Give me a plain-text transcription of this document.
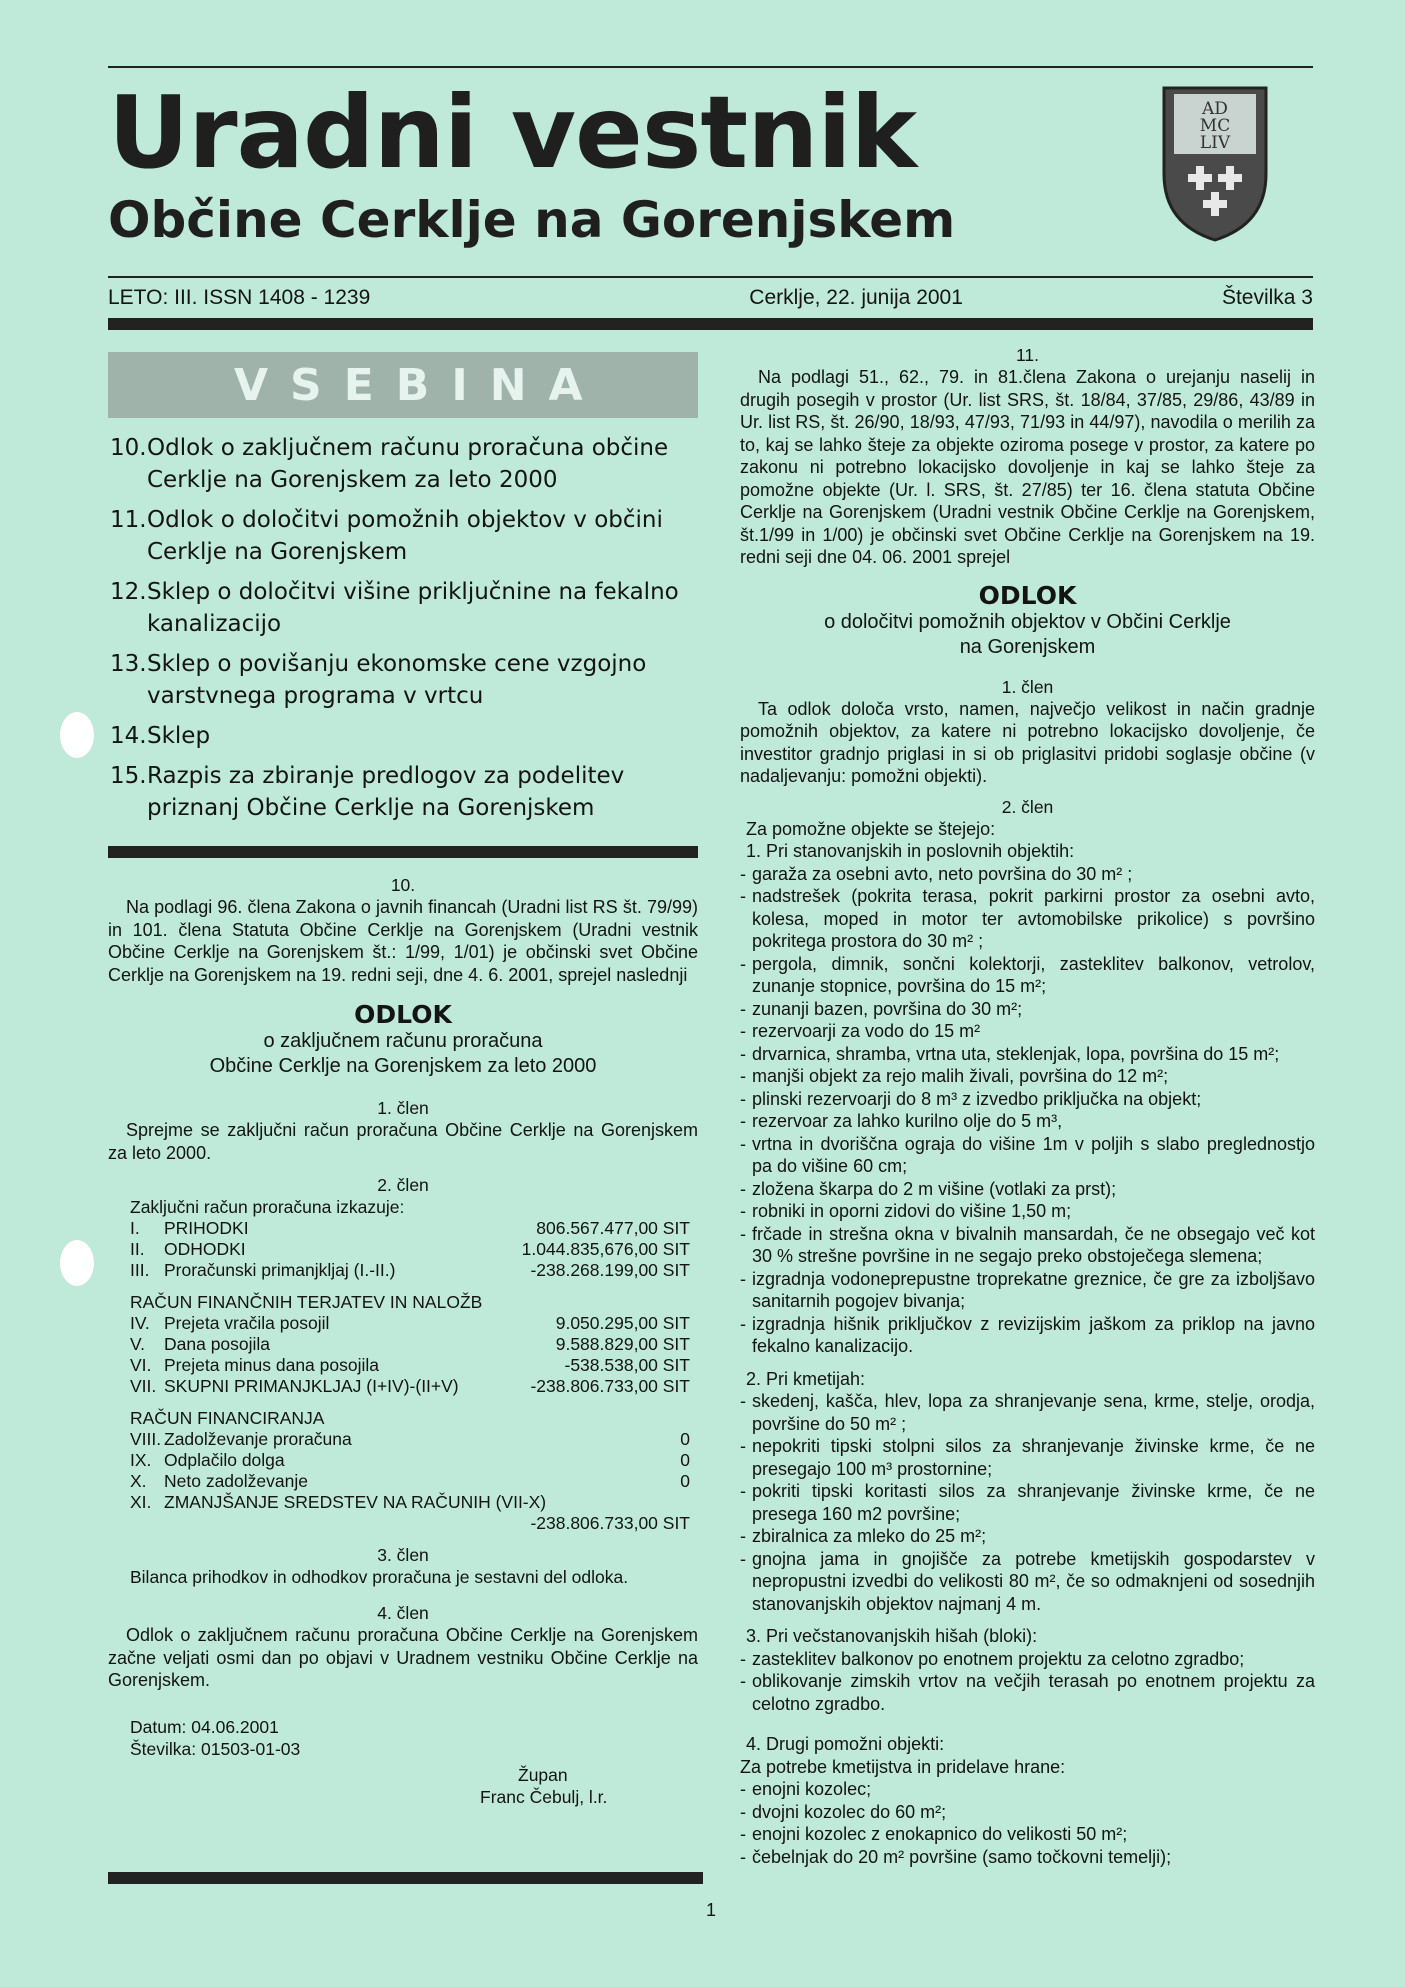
Uradni vestnik
Občine Cerklje na Gorenjskem
AD
MC
LIV
LETO: III. ISSN 1408 - 1239	Cerklje, 22. junija 2001	Številka 3
VSEBINA
10. Odlok o zaključnem računu proračuna občine Cerklje na Gorenjskem za leto 2000
11. Odlok o določitvi pomožnih objektov v občini Cerklje na Gorenjskem
12. Sklep o določitvi višine priključnine na fekalno kanalizacijo
13. Sklep o povišanju ekonomske cene vzgojno varstvnega programa v vrtcu
14. Sklep
15. Razpis za zbiranje predlogov za podelitev priznanj Občine Cerklje na Gorenjskem
10.
Na podlagi 96. člena Zakona o javnih financah (Uradni list RS št. 79/99) in 101. člena Statuta Občine Cerklje na Gorenjskem (Uradni vestnik Občine Cerklje na Gorenjskem št.: 1/99, 1/01) je občinski svet Občine Cerklje na Gorenjskem na 19. redni seji, dne 4. 6. 2001, sprejel naslednji
ODLOK
o zaključnem računu proračuna
Občine Cerklje na Gorenjskem za leto 2000
1. člen
Sprejme se zaključni račun proračuna Občine Cerklje na Gorenjskem za leto 2000.
2. člen
Zaključni račun proračuna izkazuje:
I.	PRIHODKI	806.567.477,00 SIT
II.	ODHODKI	1.044.835,676,00 SIT
III. Proračunski primanjkljaj (I.-II.)	-238.268.199,00 SIT
RAČUN FINANČNIH TERJATEV IN NALOŽB
IV. Prejeta vračila posojil	9.050.295,00 SIT
V.	Dana posojila	9.588.829,00 SIT
VI. Prejeta minus dana posojila	-538.538,00 SIT
VII. SKUPNI PRIMANJKLJAJ (I+IV)-(II+V)	-238.806.733,00 SIT
RAČUN FINANCIRANJA
VIII. Zadolževanje proračuna	0
IX. Odplačilo dolga	0
X. Neto zadolževanje	0
XI. ZMANJŠANJE SREDSTEV NA RAČUNIH (VII-X)
-238.806.733,00 SIT
3. člen
Bilanca prihodkov in odhodkov proračuna je sestavni del odloka.
4. člen
Odlok o zaključnem računu proračuna Občine Cerklje na Gorenjskem začne veljati osmi dan po objavi v Uradnem vestniku Občine Cerklje na Gorenjskem.
Datum: 04.06.2001
Številka: 01503-01-03
Župan
Franc Čebulj, l.r.
11.
Na podlagi 51., 62., 79. in 81.člena Zakona o urejanju naselij in drugih posegih v prostor (Ur. list SRS, št. 18/84, 37/85, 29/86, 43/89 in Ur. list RS, št. 26/90, 18/93, 47/93, 71/93 in 44/97), navodila o merilih za to, kaj se lahko šteje za objekte oziroma posege v prostor, za katere po zakonu ni potrebno lokacijsko dovoljenje in kaj se lahko šteje za pomožne objekte (Ur. l. SRS, št. 27/85) ter 16. člena statuta Občine Cerklje na Gorenjskem (Uradni vestnik Občine Cerklje na Gorenjskem, št.1/99 in 1/00) je občinski svet Občine Cerklje na Gorenjskem na 19. redni seji dne 04. 06. 2001 sprejel
ODLOK
o določitvi pomožnih objektov v Občini Cerklje
na Gorenjskem
1. člen
Ta odlok določa vrsto, namen, največjo velikost in način gradnje pomožnih objektov, za katere ni potrebno lokacijsko dovoljenje, če investitor gradnjo priglasi in si ob priglasitvi pridobi soglasje občine (v nadaljevanju: pomožni objekti).
2. člen
Za pomožne objekte se štejejo:
1. Pri stanovanjskih in poslovnih objektih:
- garaža za osebni avto, neto površina do 30 m² ;
- nadstrešek (pokrita terasa, pokrit parkirni prostor za osebni avto, kolesa, moped in motor ter avtomobilske prikolice) s površino pokritega prostora do 30 m² ;
- pergola, dimnik, sončni kolektorji, zasteklitev balkonov, vetrolov, zunanje stopnice, površina do 15 m²;
- zunanji bazen, površina do 30 m²;
- rezervoarji za vodo do 15 m²
- drvarnica, shramba, vrtna uta, steklenjak, lopa, površina do 15 m²;
- manjši objekt za rejo malih živali, površina do 12 m²;
- plinski rezervoarji do 8 m³ z izvedbo priključka na objekt;
- rezervoar za lahko kurilno olje do 5 m³,
- vrtna in dvoriščna ograja do višine 1m v poljih s slabo preglednostjo pa do višine 60 cm;
- zložena škarpa do 2 m višine (votlaki za prst);
- robniki in oporni zidovi do višine 1,50 m;
- frčade in strešna okna v bivalnih mansardah, če ne obsegajo več kot 30 % strešne površine in ne segajo preko obstoječega slemena;
- izgradnja vodoneprepustne troprekatne greznice, če gre za izboljšavo sanitarnih pogojev bivanja;
- izgradnja hišnik priključkov z revizijskim jaškom za priklop na javno fekalno kanalizacijo.
2. Pri kmetijah:
- skedenj, kašča, hlev, lopa za shranjevanje sena, krme, stelje, orodja, površine do 50 m² ;
- nepokriti tipski stolpni silos za shranjevanje živinske krme, če ne presegajo 100 m³ prostornine;
- pokriti tipski koritasti silos za shranjevanje živinske krme, če ne presega 160 m2 površine;
- zbiralnica za mleko do 25 m²;
- gnojna jama in gnojišče za potrebe kmetijskih gospodarstev v nepropustni izvedbi do velikosti 80 m², če so odmaknjeni od sosednjih stanovanjskih objektov najmanj 4 m.
3. Pri večstanovanjskih hišah (bloki):
- zasteklitev balkonov po enotnem projektu za celotno zgradbo;
- oblikovanje zimskih vrtov na večjih terasah po enotnem projektu za celotno zgradbo.
4. Drugi pomožni objekti:
Za potrebe kmetijstva in pridelave hrane:
- enojni kozolec;
- dvojni kozolec do 60 m²;
- enojni kozolec z enokapnico do velikosti 50 m²;
- čebelnjak do 20 m² površine (samo točkovni temelji);
1
